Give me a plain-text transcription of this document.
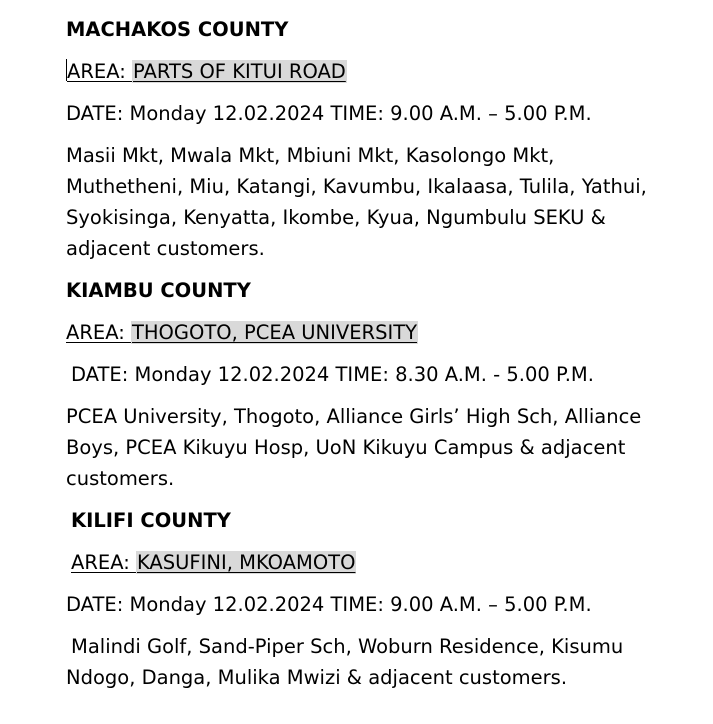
MACHAKOS COUNTY
AREA: PARTS OF KITUI ROAD
DATE: Monday 12.02.2024 TIME: 9.00 A.M. – 5.00 P.M.
Masii Mkt, Mwala Mkt, Mbiuni Mkt, Kasolongo Mkt,
Muthetheni, Miu, Katangi, Kavumbu, Ikalaasa, Tulila, Yathui,
Syokisinga, Kenyatta, Ikombe, Kyua, Ngumbulu SEKU &
adjacent customers.
KIAMBU COUNTY
AREA: THOGOTO, PCEA UNIVERSITY
DATE: Monday 12.02.2024 TIME: 8.30 A.M. - 5.00 P.M.
PCEA University, Thogoto, Alliance Girls’ High Sch, Alliance
Boys, PCEA Kikuyu Hosp, UoN Kikuyu Campus & adjacent
customers.
KILIFI COUNTY
AREA: KASUFINI, MKOAMOTO
DATE: Monday 12.02.2024 TIME: 9.00 A.M. – 5.00 P.M.
Malindi Golf, Sand-Piper Sch, Woburn Residence, Kisumu
Ndogo, Danga, Mulika Mwizi & adjacent customers.
